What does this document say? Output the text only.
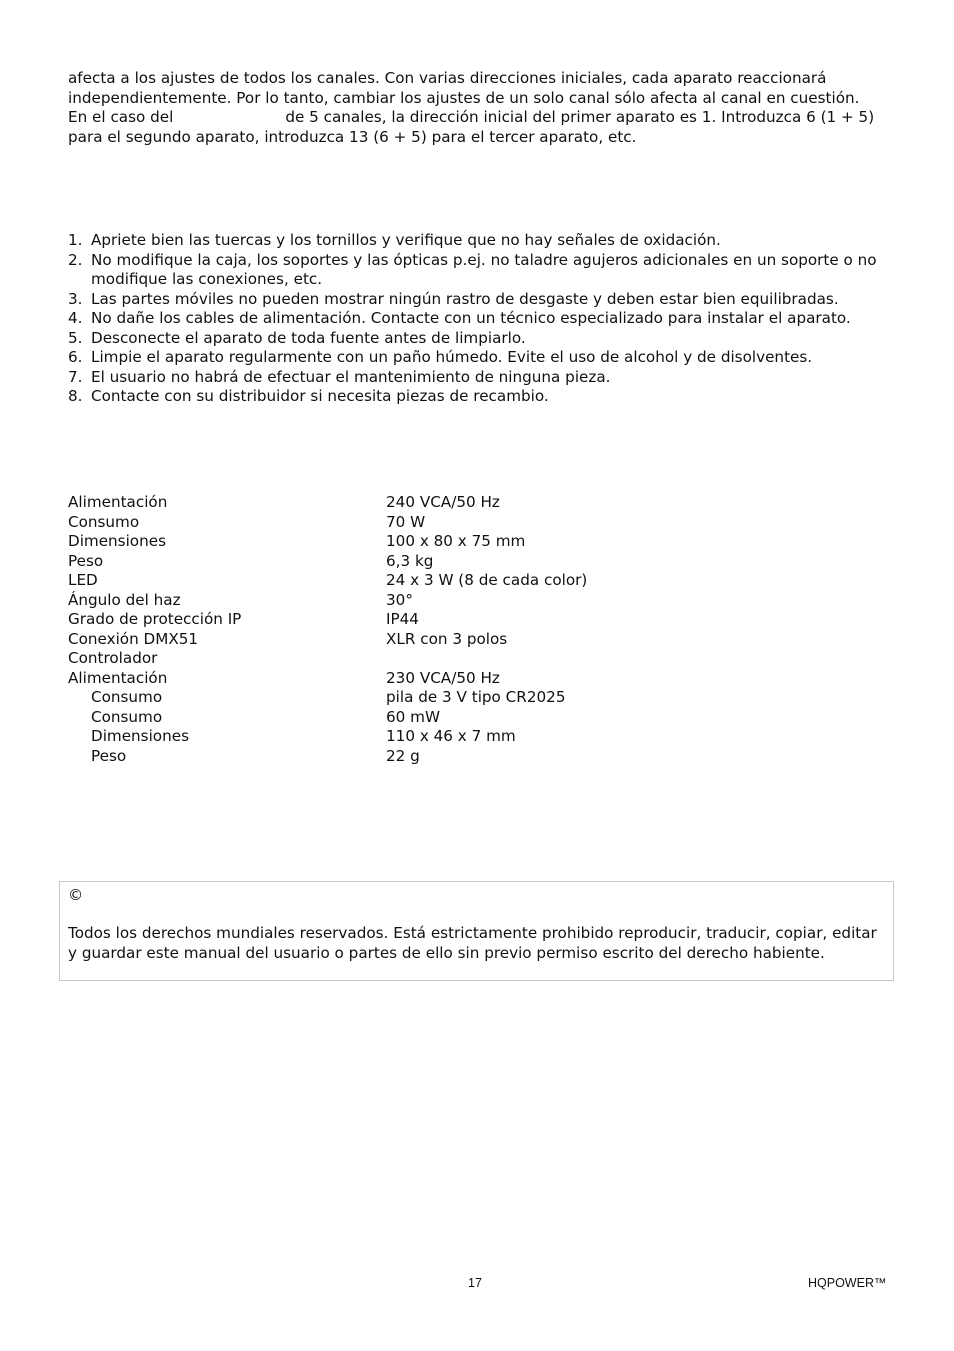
afecta a los ajustes de todos los canales. Con varias direcciones iniciales, cada aparato reaccionará independientemente. Por lo tanto, cambiar los ajustes de un solo canal sólo afecta al canal en cuestión.

En el caso del	de 5 canales, la dirección inicial del primer aparato es 1. Introduzca 6 (1 + 5) para el segundo aparato, introduzca 13 (6 + 5) para el tercer aparato, etc.

1. Apriete bien las tuercas y los tornillos y verifique que no hay señales de oxidación.
2. No modifique la caja, los soportes y las ópticas p.ej. no taladre agujeros adicionales en un soporte o no modifique las conexiones, etc.
3. Las partes móviles no pueden mostrar ningún rastro de desgaste y deben estar bien equilibradas.
4. No dañe los cables de alimentación. Contacte con un técnico especializado para instalar el aparato.
5. Desconecte el aparato de toda fuente antes de limpiarlo.
6. Limpie el aparato regularmente con un paño húmedo. Evite el uso de alcohol y de disolventes.
7. El usuario no habrá de efectuar el mantenimiento de ninguna pieza.
8. Contacte con su distribuidor si necesita piezas de recambio.
Alimentación	240 VCA/50 Hz
Consumo	70 W
Dimensiones	100 x 80 x 75 mm
Peso	6,3 kg
LED	24 x 3 W (8 de cada color)
Ángulo del haz	30°
Grado de protección IP	IP44
Conexión DMX51	XLR con 3 polos
Controlador
Alimentación	230 VCA/50 Hz
Consumo	pila de 3 V tipo CR2025
Consumo	60 mW
Dimensiones	110 x 46 x 7 mm
Peso	22 g
©

Todos los derechos mundiales reservados. Está estrictamente prohibido reproducir, traducir, copiar, editar y guardar este manual del usuario o partes de ello sin previo permiso escrito del derecho habiente.

17	HQPOWER™
